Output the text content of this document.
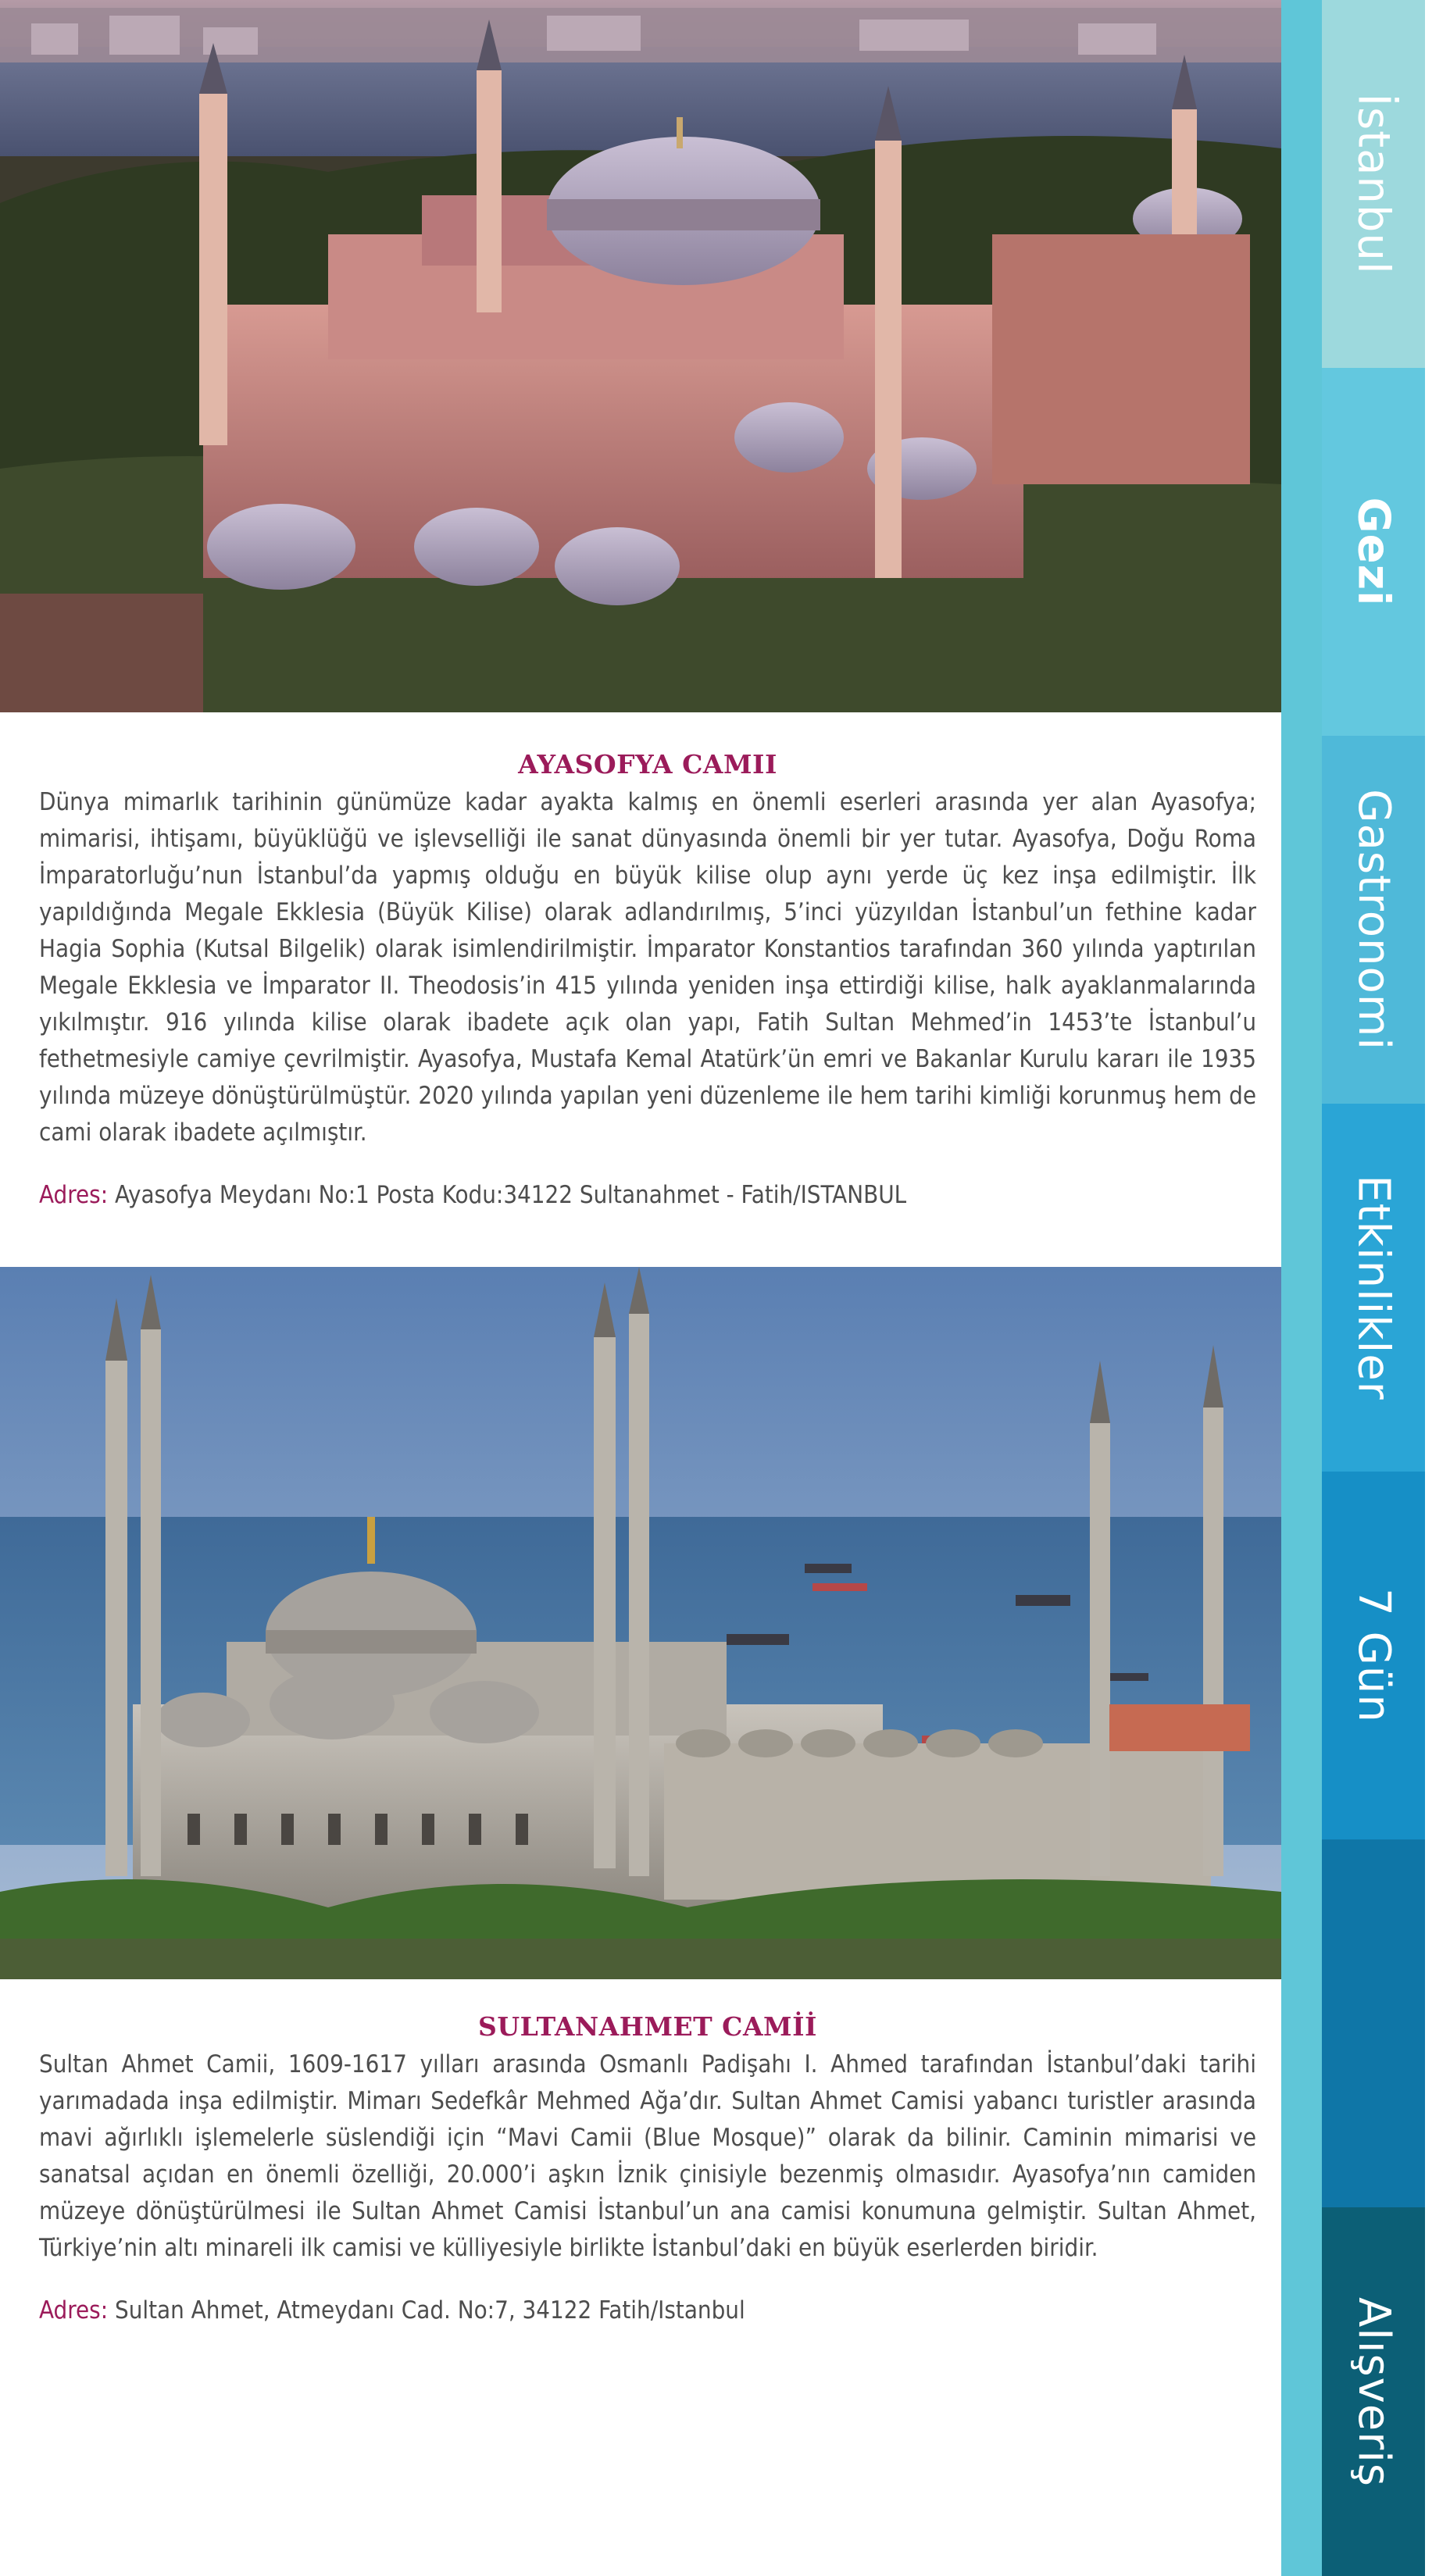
AYASOFYA CAMII

Dünya mimarlık tarihinin günümüze kadar ayakta kalmış en önemli eserleri arasında yer alan Ayasofya; mimarisi, ihtişamı, büyüklüğü ve işlevselliği ile sanat dünyasında önemli bir yer tutar. Ayasofya, Doğu Roma İmparatorluğu’nun İstanbul’da yapmış olduğu en büyük kilise olup aynı yerde üç kez inşa edilmiştir. İlk yapıldığında Megale Ekklesia (Büyük Kilise) olarak adlandırılmış, 5’inci yüzyıldan İstanbul’un fethine kadar Hagia Sophia (Kutsal Bilgelik) olarak isimlendirilmiştir. İmparator Konstantios tarafından 360 yılında yaptırılan Megale Ekklesia ve İmparator II. Theodosis’in 415 yılında yeniden inşa ettirdiği kilise, halk ayaklanmalarında yıkılmıştır. 916 yılında kilise olarak ibadete açık olan yapı, Fatih Sultan Mehmed’in 1453’te İstanbul’u fethetmesiyle camiye çevrilmiştir. Ayasofya, Mustafa Kemal Atatürk’ün emri ve Bakanlar Kurulu kararı ile 1935 yılında müzeye dönüştürülmüştür. 2020 yılında yapılan yeni düzenleme ile hem tarihi kimliği korunmuş hem de cami olarak ibadete açılmıştır.

Adres: Ayasofya Meydanı No:1 Posta Kodu:34122 Sultanahmet - Fatih/ISTANBUL
SULTANAHMET CAMİİ

Sultan Ahmet Camii, 1609-1617 yılları arasında Osmanlı Padişahı I. Ahmed tarafından İstanbul’daki tarihi yarımadada inşa edilmiştir. Mimarı Sedefkâr Mehmed Ağa’dır. Sultan Ahmet Camisi yabancı turistler arasında mavi ağırlıklı işlemelerle süslendiği için “Mavi Camii (Blue Mosque)” olarak da bilinir. Caminin mimarisi ve sanatsal açıdan en önemli özelliği, 20.000’i aşkın İznik çinisiyle bezenmiş olmasıdır. Ayasofya’nın camiden müzeye dönüştürülmesi ile Sultan Ahmet Camisi İstanbul’un ana camisi konumuna gelmiştir. Sultan Ahmet, Türkiye’nin altı minareli ilk camisi ve külliyesiyle birlikte İstanbul’daki en büyük eserlerden biridir.

Adres: Sultan Ahmet, Atmeydanı Cad. No:7, 34122 Fatih/Istanbul
İstanbul
Gezi
Gastronomi
Etkinlikler
7 Gün
Alışveriş
